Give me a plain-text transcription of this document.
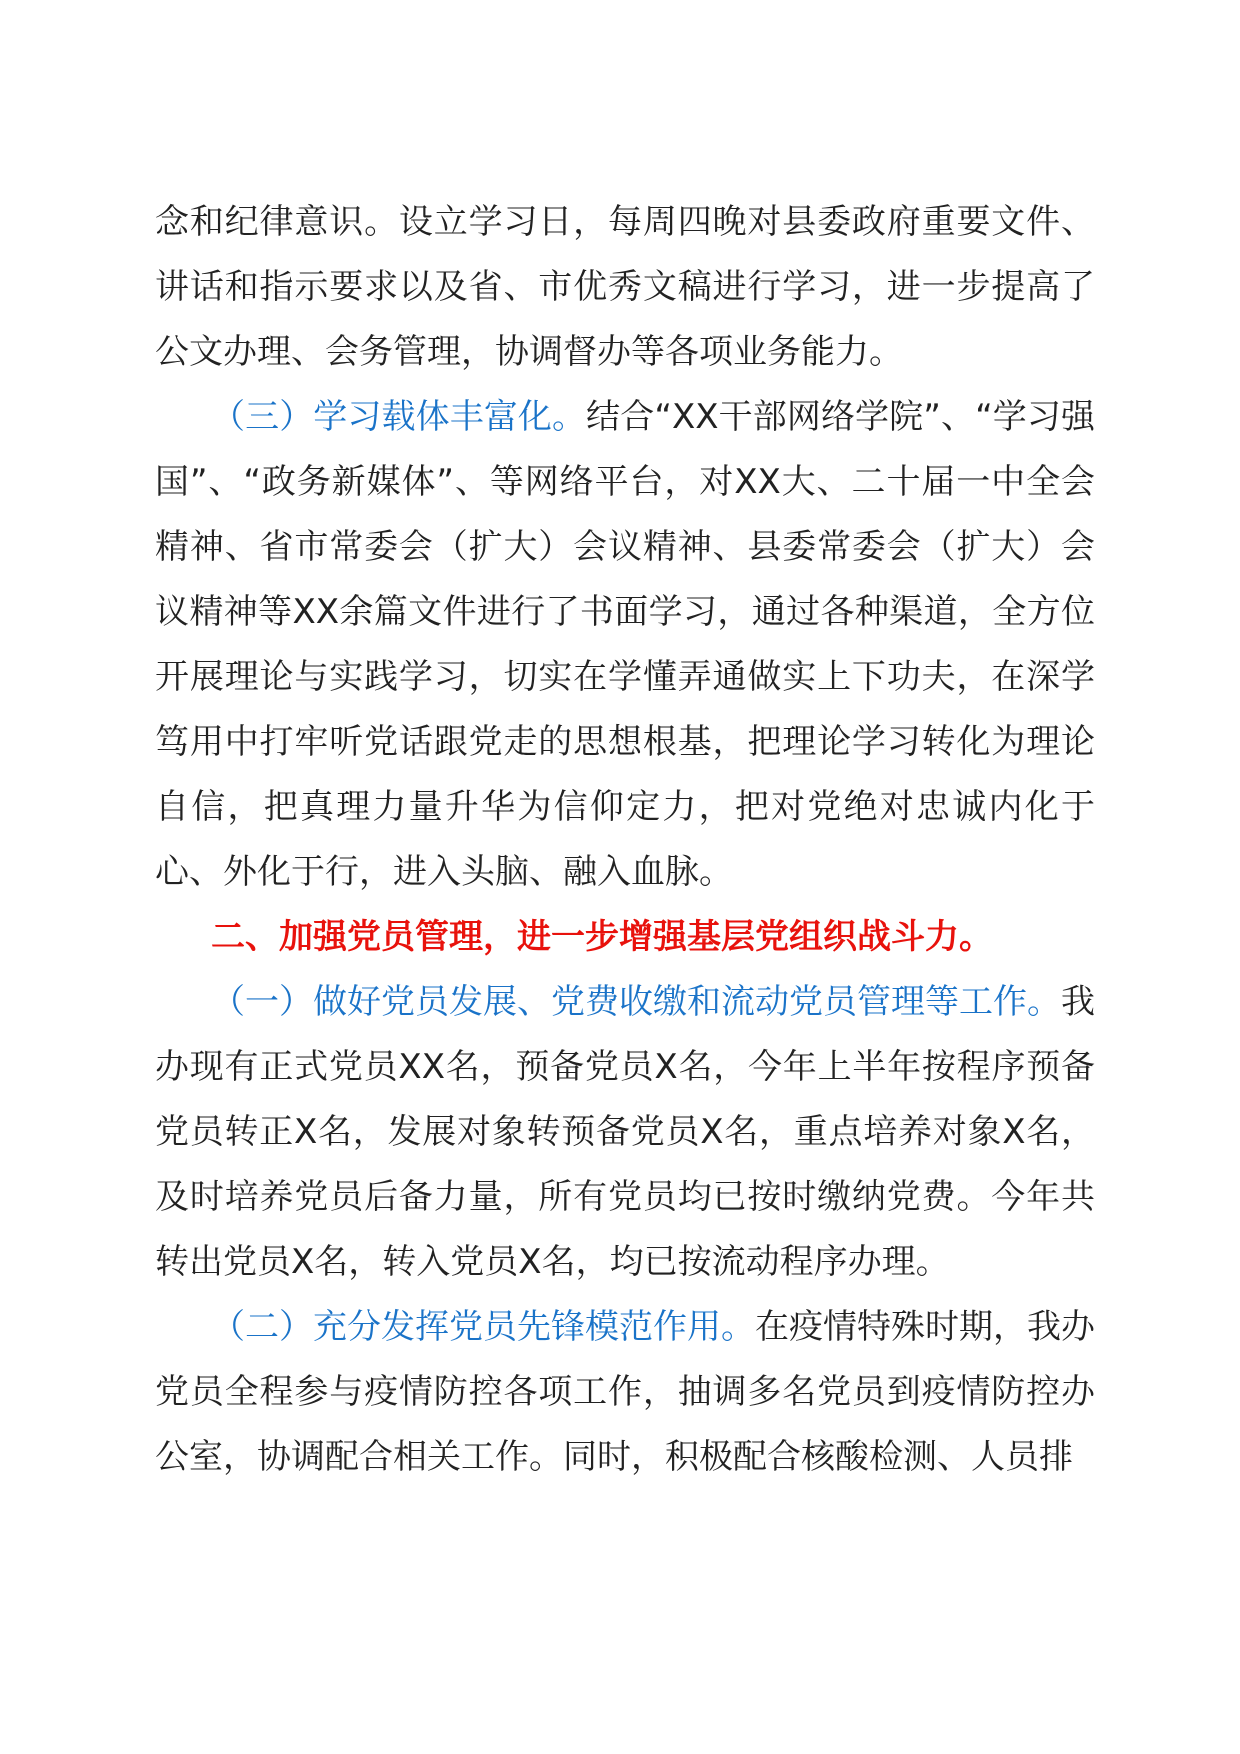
念和纪律意识。设立学习日，每周四晚对县委政府重要文件、讲话和指示要求以及省、市优秀文稿进行学习，进一步提高了公文办理、会务管理，协调督办等各项业务能力。

（三）学习载体丰富化。结合“XX干部网络学院”、“学习强国”、“政务新媒体”、等网络平台，对XX大、二十届一中全会精神、省市常委会（扩大）会议精神、县委常委会（扩大）会议精神等XX余篇文件进行了书面学习，通过各种渠道，全方位开展理论与实践学习，切实在学懂弄通做实上下功夫，在深学笃用中打牢听党话跟党走的思想根基，把理论学习转化为理论自信，把真理力量升华为信仰定力，把对党绝对忠诚内化于心、外化于行，进入头脑、融入血脉。

二、加强党员管理，进一步增强基层党组织战斗力。

（一）做好党员发展、党费收缴和流动党员管理等工作。我办现有正式党员XX名，预备党员X名，今年上半年按程序预备党员转正X名，发展对象转预备党员X名，重点培养对象X名，及时培养党员后备力量，所有党员均已按时缴纳党费。今年共转出党员X名，转入党员X名，均已按流动程序办理。

（二）充分发挥党员先锋模范作用。在疫情特殊时期，我办党员全程参与疫情防控各项工作，抽调多名党员到疫情防控办公室，协调配合相关工作。同时，积极配合核酸检测、人员排
